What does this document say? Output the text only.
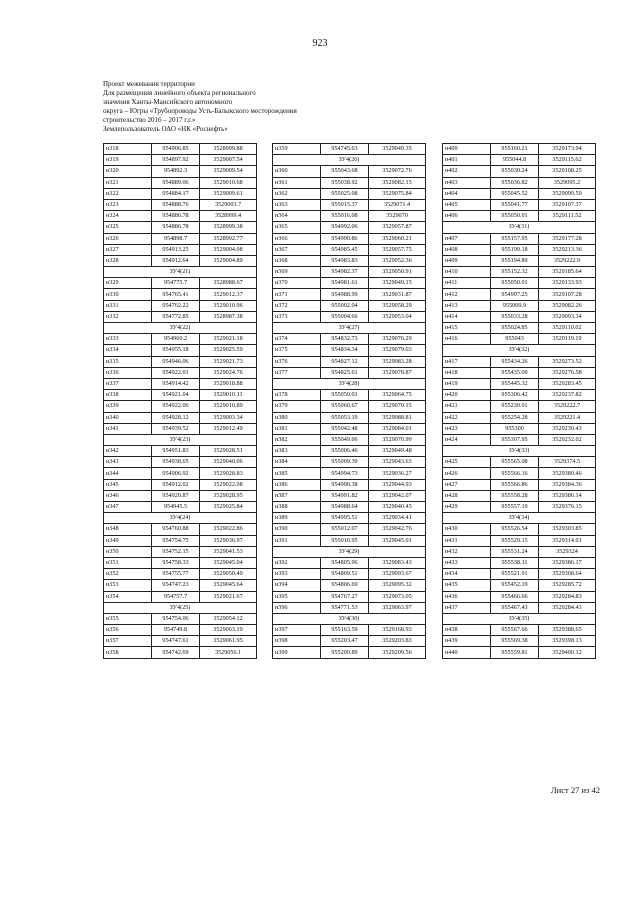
923
Проект межевания территории
Для размещения линейного объекта регионального
значения Ханты-Мансийского автономного
округа – Югры «Трубопроводы Усть-Балыкского месторождения
строительство 2016 – 2017 г.г.»
Землепользователь ОАО «НК «Роснефть»
н318	954906.85	3528999.88
н319	954897.92	3529007.54
н320	954892.3	3529009.54
н321	954889.06	3529010.68
н322	954884.17	3529009.61
н323	954888.76	3529003.7
н324	954886.78	3528999.4
н325	954886.78	3528999.38
н326	954898.7	3528992.77
н327	954913.25	3529004.08
н328	954912.64	3529004.89
ЗУ4(21)		
н329	954775.7	3528988.67
н330	954765.41	3529012.37
н331	954762.22	3529010.96
н332	954772.85	3528987.38
ЗУ4(22)		
н333	954960.2	3529021.18
н334	954955.18	3529025.59
н335	954946.06	3529021.73
н336	954922.01	3529024.76
н337	954914.42	3529018.88
н338	954921.04	3529010.11
н339	954922.06	3529010.89
н340	954928.12	3529003.34
н341	954939.52	3529012.49
ЗУ4(23)		
н342	954951.83	3529028.51
н343	954938.65	3529040.06
н344	954906.92	3529028.83
н345	954912.02	3529022.08
н346	954920.87	3529028.95
н347	954945.5	3529025.84
ЗУ4(24)		
н348	954760.88	3529022.86
н349	954754.75	3529036.97
н350	954752.15	3529041.53
н351	954758.33	3529045.04
н352	954755.77	3529050.49
н353	954747.23	3529045.64
н354	954757.7	3529021.67
ЗУ4(25)		
н355	954754.06	3529054.12
н356	954749.8	3529063.19
н357	954747.61	3529061.95
н358	954742.69	3529056.1
н359	954745.63	3529049.35
ЗУ4(26)		
н360	955043.68	3529072.76
н361	955038.92	3529082.15
н362	955025.08	3529075.84
н363	955015.37	3529071.4
н364	955016.08	3529070
н365	954992.06	3529057.87
н366	954990.86	3529060.21
н367	954985.45	3529057.75
н368	954983.83	3529052.36
н369	954982.37	3529050.91
н370	954981.61	3529049.15
н371	954988.99	3529031.87
н372	955002.04	3529058.29
н373	955004.66	3529053.04
ЗУ4(27)		
н374	954832.73	3529076.29
н375	954834.34	3529079.03
н376	954827.12	3529083.28
н377	954825.61	3529078.87
ЗУ4(28)		
н378	955050.01	3529064.75
н379	955060.67	3529070.15
н380	955053.19	3529088.81
н381	955042.48	3529084.01
н382	955049.06	3529070.99
н383	955006.46	3529049.48
н384	955009.39	3529043.63
н385	954994.73	3529036.27
н386	954990.38	3529044.93
н387	954991.82	3529042.07
н388	954988.64	3529040.45
н389	954995.51	3529034.41
н390	955012.07	3529042.76
н391	955010.95	3529045.01
ЗУ4(29)		
н392	954805.96	3529083.43
н393	954809.51	3529093.67
н394	954806.69	3529095.32
н395	954767.27	3529073.05
н396	954771.53	3529063.97
ЗУ4(30)		
н397	955163.59	3529168.93
н398	955203.47	3529203.83
н399	955200.89	3529209.56
н400	955160.21	3529173.94
н401	955044.8	3529115.62
н402	955030.24	3529108.25
н403	955036.82	3529095.2
н404	955045.52	3529099.59
н405	955041.77	3529107.37
н406	955050.01	3529111.52
ЗУ4(31)		
н407	955157.95	3529177.28
н408	955199.18	3529213.36
н409	955194.89	3529222.9
н410	955152.32	3529185.64
н411	955050.01	3529133.93
н412	954997.25	3529107.28
н413	955009.9	3529082.26
н414	955033.28	3529093.34
н415	955024.85	3529110.02
н416	955043	3529119.19
ЗУ4(32)		
н417	955434.26	3529273.52
н418	955435.09	3529276.58
н419	955445.32	3529283.45
н420	955306.42	3529237.82
н421	955230.01	3529222.7
н422	955254.28	3529221.4
н423	955300	3529230.43
н424	955307.95	3529232.02
ЗУ4(33)		
н425	955565.08	3529374.5
н426	955566.16	3529380.46
н427	955566.86	3529384.36
н428	955558.28	3529386.14
н429	955557.19	3529376.15
ЗУ4(34)		
н430	955526.54	3529303.85
н431	955529.15	3529314.01
н432	955531.24	3529324
н433	955538.11	3529386.17
н434	955521.91	3529308.64
н435	955452.19	3529285.72
н436	955466.66	3529284.83
н437	955467.43	3529284.43
ЗУ4(35)		
н438	955567.66	3529388.65
н439	955569.38	3529398.13
н440	955559.81	3529400.12
Лист 27 из 42
